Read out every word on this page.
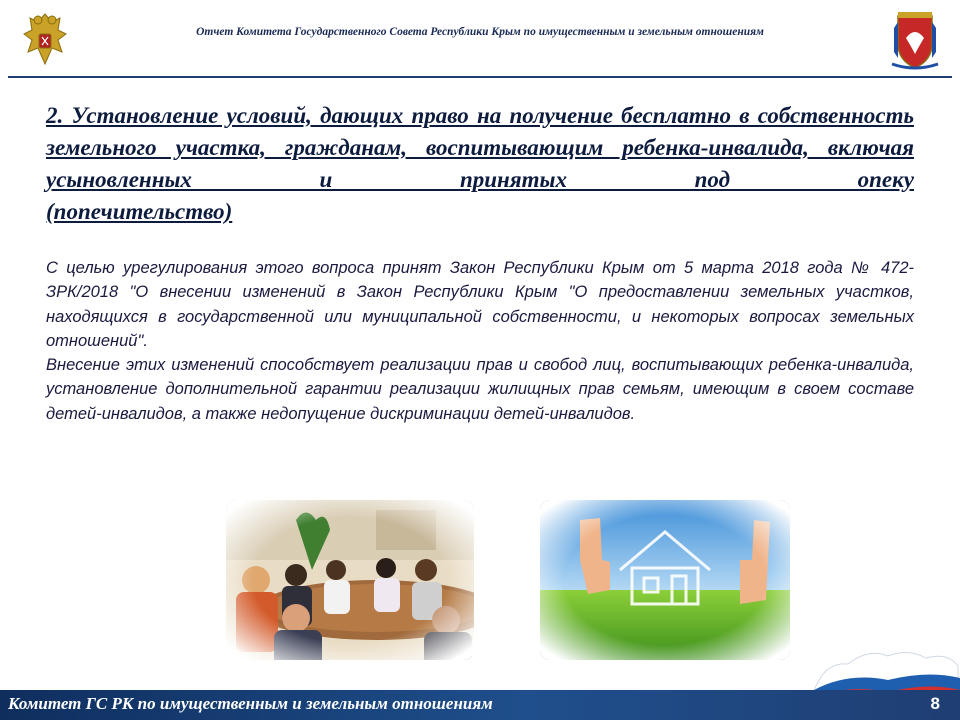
Отчет Комитета Государственного Совета Республики Крым по имущественным и земельным отношениям
2. Установление условий, дающих право на получение бесплатно в собственность земельного участка, гражданам, воспитывающим ребенка-инвалида, включая усыновленных и принятых под опеку
(попечительство)

С целью урегулирования этого вопроса принят Закон Республики Крым от 5 марта 2018 года № 472-ЗРК/2018 "О внесении изменений в Закон Республики Крым "О предоставлении земельных участков, находящихся в государственной или муниципальной собственности, и некоторых вопросах земельных отношений".

Внесение этих изменений способствует реализации прав и свобод лиц, воспитывающих ребенка-инвалида, установление дополнительной гарантии реализации жилищных прав семьям, имеющим в своем составе детей-инвалидов, а также недопущение дискриминации детей-инвалидов.

Комитет ГС РК по имущественным и земельным отношениям	8
